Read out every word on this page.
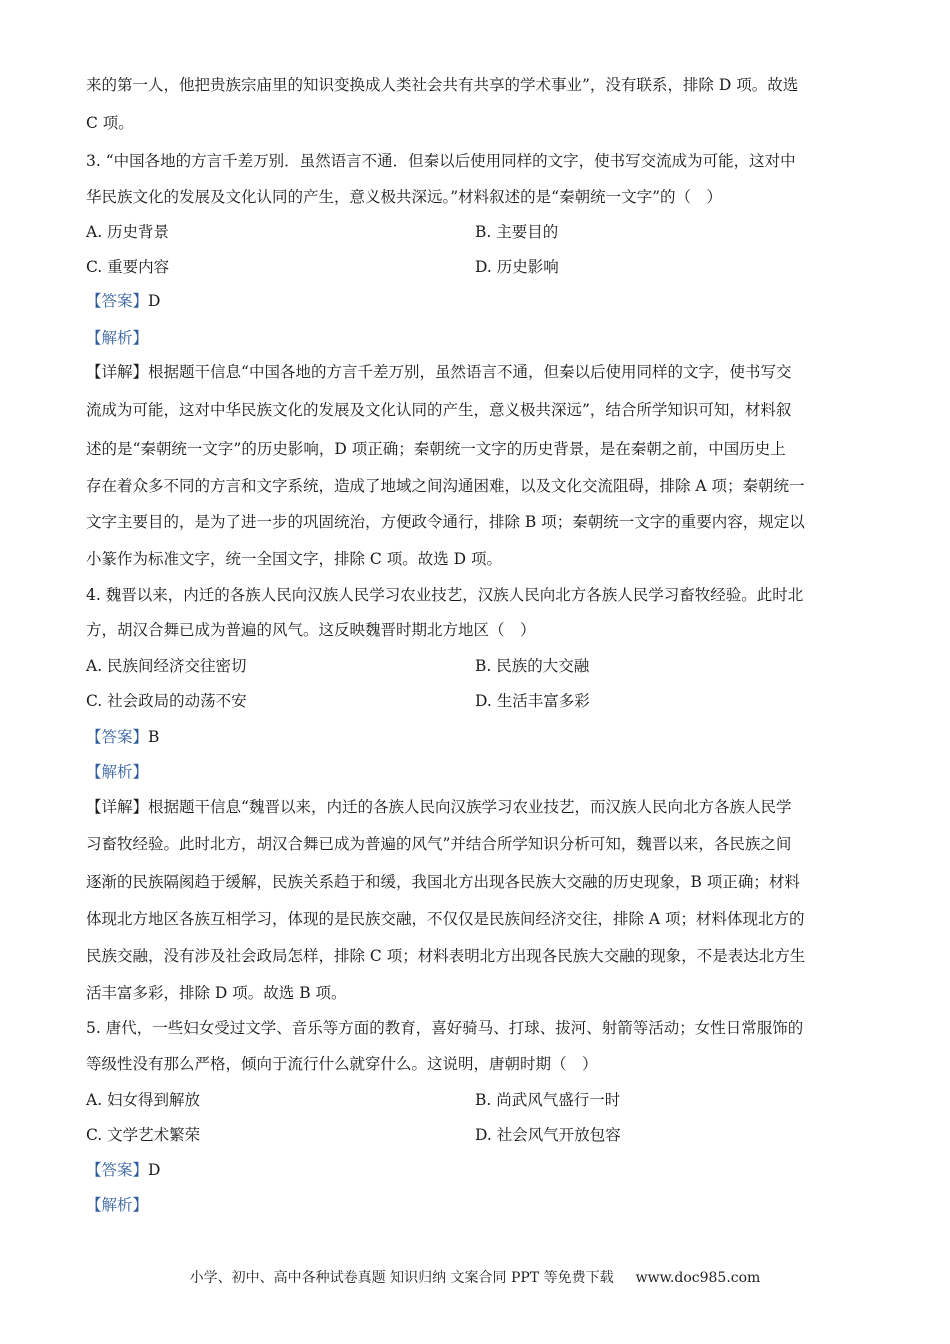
来的第一人，他把贵族宗庙里的知识变换成人类社会共有共享的学术事业”，没有联系，排除 D 项。故选
C 项。
3. “中国各地的方言千差万别．虽然语言不通．但秦以后使用同样的文字，使书写交流成为可能，这对中
华民族文化的发展及文化认同的产生，意义极共深远。”材料叙述的是“秦朝统一文字”的（　）
A. 历史背景	B. 主要目的
C. 重要内容	D. 历史影响
【答案】D
【解析】
【详解】根据题干信息“中国各地的方言千差万别，虽然语言不通，但秦以后使用同样的文字，使书写交
流成为可能，这对中华民族文化的发展及文化认同的产生，意义极共深远”，结合所学知识可知，材料叙
述的是“秦朝统一文字”的历史影响，D 项正确；秦朝统一文字的历史背景，是在秦朝之前，中国历史上
存在着众多不同的方言和文字系统，造成了地域之间沟通困难，以及文化交流阻碍，排除 A 项；秦朝统一
文字主要目的，是为了进一步的巩固统治，方便政令通行，排除 B 项；秦朝统一文字的重要内容，规定以
小篆作为标准文字，统一全国文字，排除 C 项。故选 D 项。
4. 魏晋以来，内迁的各族人民向汉族人民学习农业技艺，汉族人民向北方各族人民学习畜牧经验。此时北
方，胡汉合舞已成为普遍的风气。这反映魏晋时期北方地区（　）
A. 民族间经济交往密切	B. 民族的大交融
C. 社会政局的动荡不安	D. 生活丰富多彩
【答案】B
【解析】
【详解】根据题干信息“魏晋以来，内迁的各族人民向汉族学习农业技艺，而汉族人民向北方各族人民学
习畜牧经验。此时北方，胡汉合舞已成为普遍的风气”并结合所学知识分析可知，魏晋以来，各民族之间
逐渐的民族隔阂趋于缓解，民族关系趋于和缓，我国北方出现各民族大交融的历史现象，B 项正确；材料
体现北方地区各族互相学习，体现的是民族交融，不仅仅是民族间经济交往，排除 A 项；材料体现北方的
民族交融，没有涉及社会政局怎样，排除 C 项；材料表明北方出现各民族大交融的现象，不是表达北方生
活丰富多彩，排除 D 项。故选 B 项。
5. 唐代，一些妇女受过文学、音乐等方面的教育，喜好骑马、打球、拔河、射箭等活动；女性日常服饰的
等级性没有那么严格，倾向于流行什么就穿什么。这说明，唐朝时期（　）
A. 妇女得到解放	B. 尚武风气盛行一时
C. 文学艺术繁荣	D. 社会风气开放包容
【答案】D
【解析】
小学、初中、高中各种试卷真题 知识归纳 文案合同 PPT 等免费下载 www.doc985.com
